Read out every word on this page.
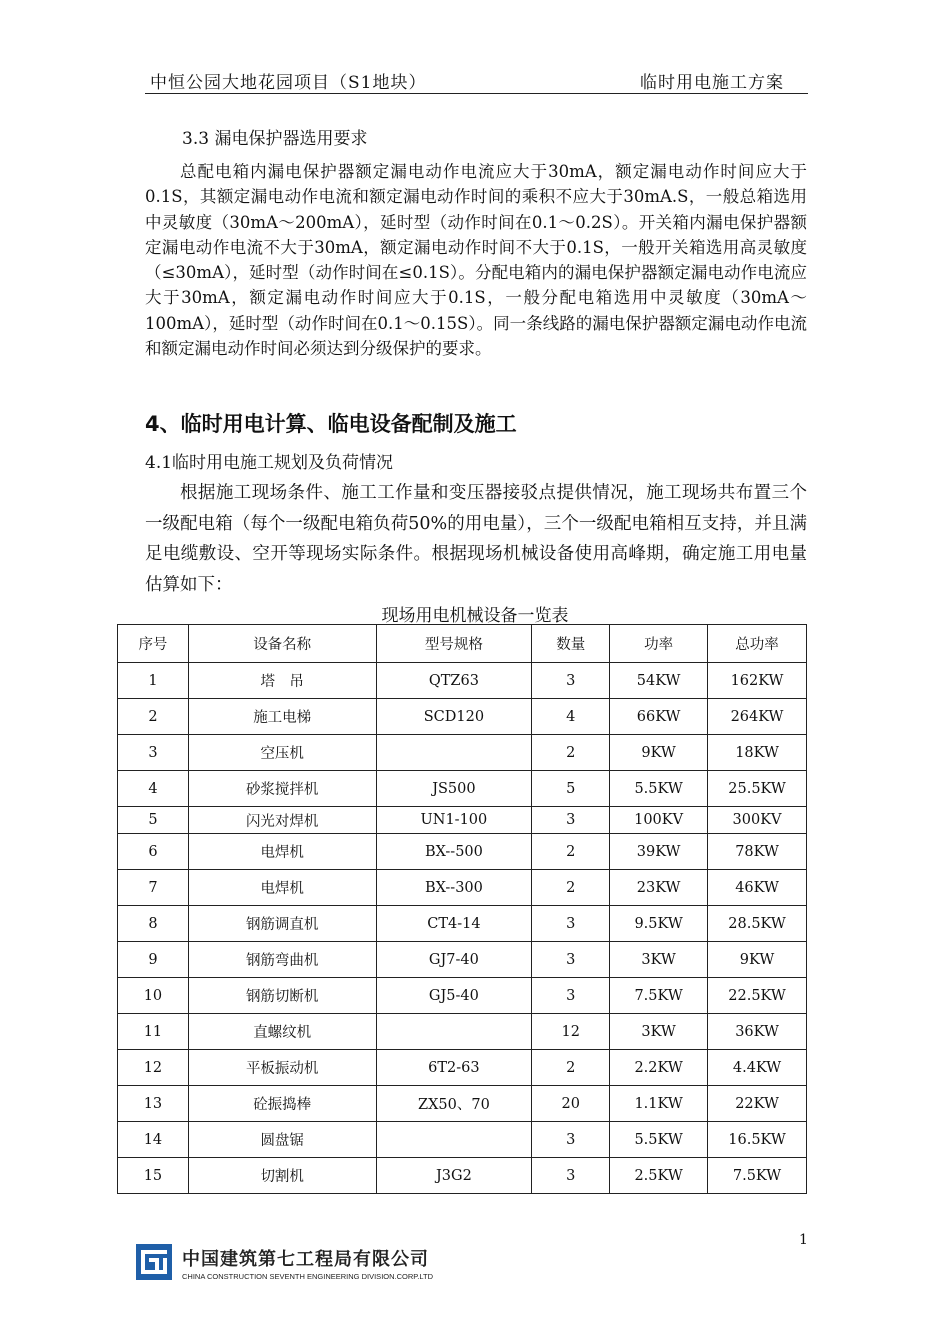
中恒公园大地花园项目（S1地块）	临时用电施工方案
3.3 漏电保护器选用要求

总配电箱内漏电保护器额定漏电动作电流应大于30mA，额定漏电动作时间应大于0.1S，其额定漏电动作电流和额定漏电动作时间的乘积不应大于30mA.S，一般总箱选用中灵敏度（30mA～200mA），延时型（动作时间在0.1～0.2S）。开关箱内漏电保护器额定漏电动作电流不大于30mA，额定漏电动作时间不大于0.1S，一般开关箱选用高灵敏度（≤30mA），延时型（动作时间在≤0.1S）。分配电箱内的漏电保护器额定漏电动作电流应大于30mA，额定漏电动作时间应大于0.1S，一般分配电箱选用中灵敏度（30mA～100mA），延时型（动作时间在0.1～0.15S）。同一条线路的漏电保护器额定漏电动作电流和额定漏电动作时间必须达到分级保护的要求。

4、临时用电计算、临电设备配制及施工
4.1临时用电施工规划及负荷情况

根据施工现场条件、施工工作量和变压器接驳点提供情况，施工现场共布置三个一级配电箱（每个一级配电箱负荷50%的用电量），三个一级配电箱相互支持，并且满足电缆敷设、空开等现场实际条件。根据现场机械设备使用高峰期，确定施工用电量估算如下：

现场用电机械设备一览表
序号	设备名称	型号规格	数量	功率	总功率
1	塔　吊	QTZ63	3	54KW	162KW
2	施工电梯	SCD120	4	66KW	264KW
3	空压机		2	9KW	18KW
4	砂浆搅拌机	JS500	5	5.5KW	25.5KW
5	闪光对焊机	UN1-100	3	100KV	300KV
6	电焊机	BX--500	2	39KW	78KW
7	电焊机	BX--300	2	23KW	46KW
8	钢筋调直机	CT4-14	3	9.5KW	28.5KW
9	钢筋弯曲机	GJ7-40	3	3KW	9KW
10	钢筋切断机	GJ5-40	3	7.5KW	22.5KW
11	直螺纹机		12	3KW	36KW
12	平板振动机	6T2-63	2	2.2KW	4.4KW
13	砼振捣棒	ZX50、70	20	1.1KW	22KW
14	圆盘锯		3	5.5KW	16.5KW
15	切割机	J3G2	3	2.5KW	7.5KW
1
中国建筑第七工程局有限公司
CHINA CONSTRUCTION SEVENTH ENGINEERING DIVISION.CORP.LTD
